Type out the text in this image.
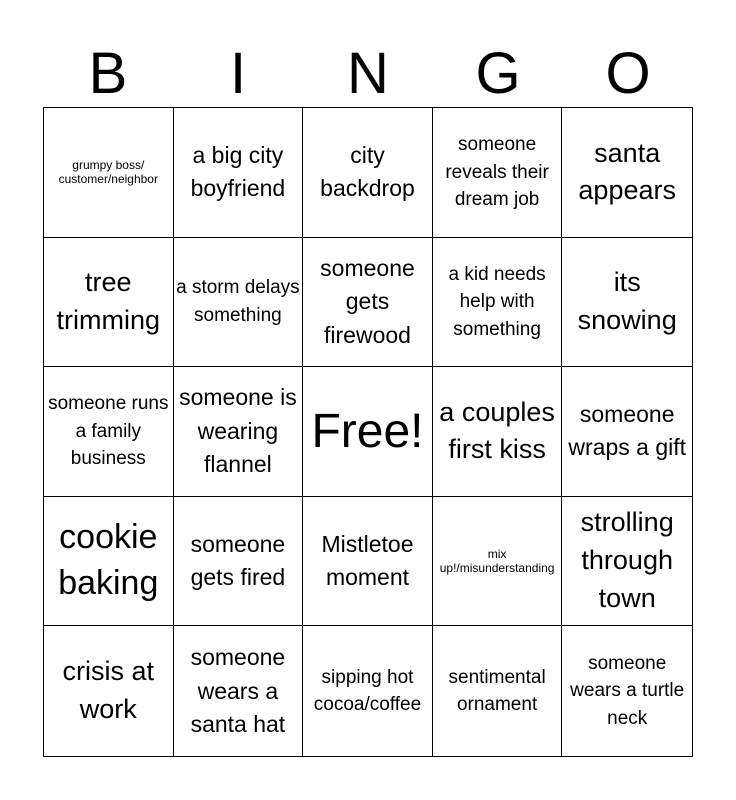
B	I	N	G	O
grumpy boss/ customer/neighbor
a big city boyfriend
city backdrop
someone reveals their dream job
santa appears
tree trimming
a storm delays something
someone gets firewood
a kid needs help with something
its snowing
someone runs a family business
someone is wearing flannel
Free! a couples first kiss
someone wraps a gift
cookie baking
someone gets fired
Mistletoe moment
mix up!/misunderstanding
strolling through town
crisis at work
someone wears a santa hat
sipping hot cocoa/coffee
sentimental ornament
someone wears a turtle neck
